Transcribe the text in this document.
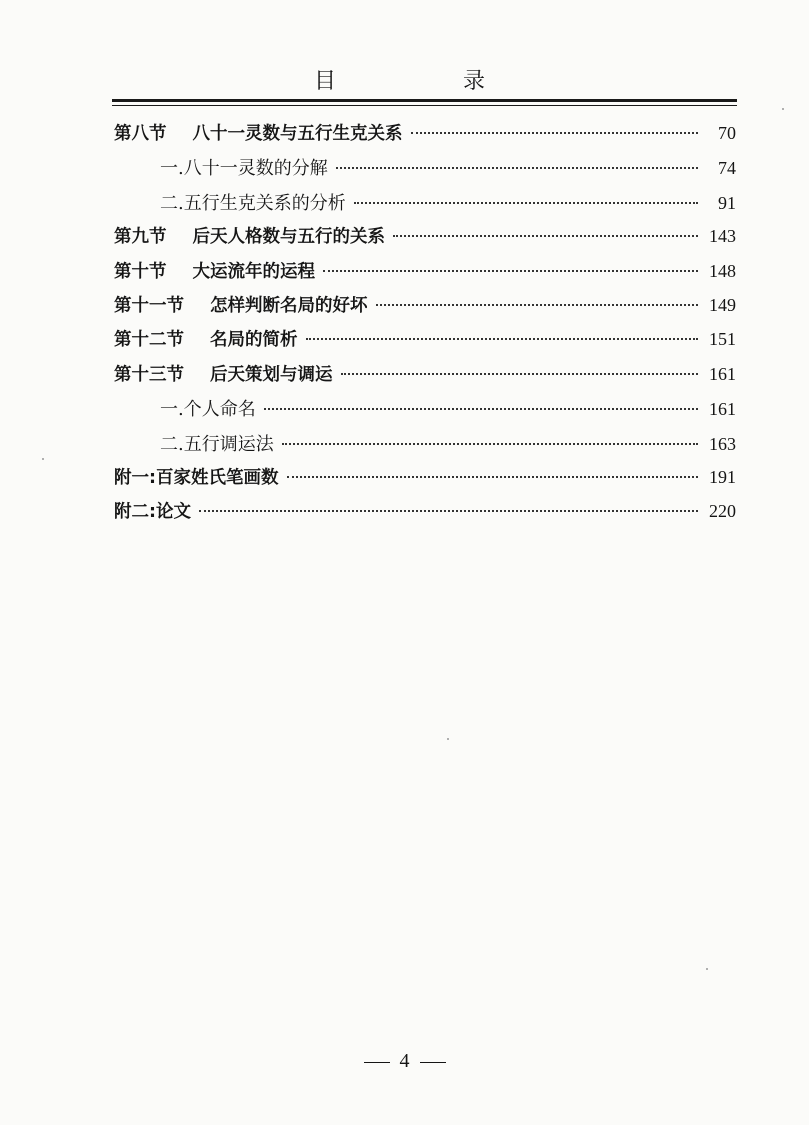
目 录
第八节 八十一灵数与五行生克关系	70
一.八十一灵数的分解	74
二.五行生克关系的分析	91
第九节 后天人格数与五行的关系	143
第十节 大运流年的运程	148
第十一节 怎样判断名局的好坏	149
第十二节 名局的简析	151
第十三节 后天策划与调运	161
一.个人命名	161
二.五行调运法	163
附一:百家姓氏笔画数	191
附二:论文	220
4
